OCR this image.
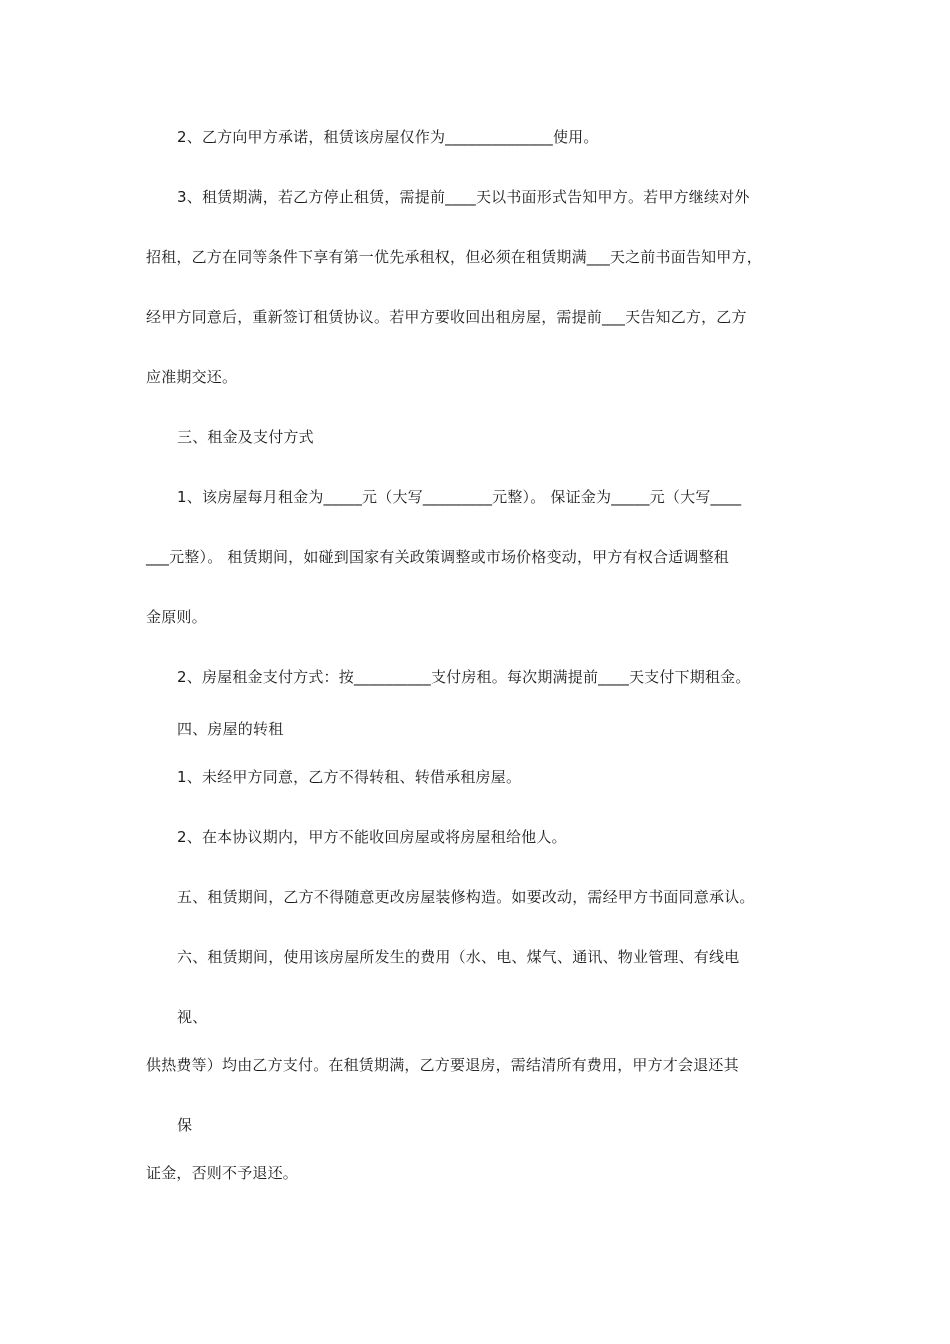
2、乙方向甲方承诺，租赁该房屋仅作为______________使用。
3、租赁期满，若乙方停止租赁，需提前____天以书面形式告知甲方。若甲方继续对外
招租，乙方在同等条件下享有第一优先承租权，但必须在租赁期满___天之前书面告知甲方，
经甲方同意后，重新签订租赁协议。若甲方要收回出租房屋，需提前___天告知乙方，乙方
应准期交还。
三、租金及支付方式
1、该房屋每月租金为_____元（大写_________元整）。 保证金为_____元（大写____
___元整）。 租赁期间，如碰到国家有关政策调整或市场价格变动，甲方有权合适调整租
金原则。
2、房屋租金支付方式：按__________支付房租。每次期满提前____天支付下期租金。
四、房屋的转租
1、未经甲方同意，乙方不得转租、转借承租房屋。
2、在本协议期内，甲方不能收回房屋或将房屋租给他人。
五、租赁期间，乙方不得随意更改房屋装修构造。如要改动，需经甲方书面同意承认。
六、租赁期间，使用该房屋所发生的费用（水、电、煤气、通讯、物业管理、有线电
视、
供热费等）均由乙方支付。在租赁期满，乙方要退房，需结清所有费用，甲方才会退还其
保
证金，否则不予退还。
